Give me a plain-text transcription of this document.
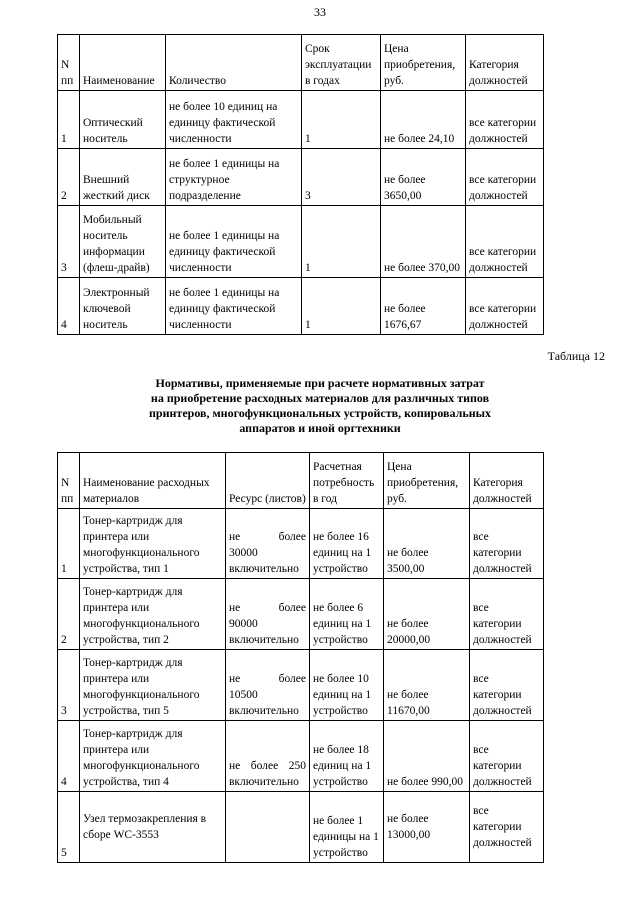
33
N пп	Наименование	Количество	Срок эксплуатации в годах	Цена приобретения, руб.	Категория должностей
1	Оптический носитель	не более 10 единиц на единицу фактической численности	1	не более 24,10	все категории должностей
2	Внешний жесткий диск	не более 1 единицы на структурное подразделение	3	не более 3650,00	все категории должностей
3	Мобильный носитель информации (флеш-драйв)	не более 1 единицы на единицу фактической численности	1	не более 370,00	все категории должностей
4	Электронный ключевой носитель	не более 1 единицы на единицу фактической численности	1	не более 1676,67	все категории должностей
Таблица 12
Нормативы, применяемые при расчете нормативных затрат
на приобретение расходных материалов для различных типов
принтеров, многофункциональных устройств, копировальных
аппаратов и иной оргтехники
N пп	Наименование расходных материалов	Ресурс (листов)	Расчетная потребность в год	Цена приобретения, руб.	Категория должностей
1	Тонер-картридж для принтера или многофункционального устройства, тип 1	не более
30000
включительно	не более 16 единиц на 1 устройство	не более 3500,00	все категории должностей
2	Тонер-картридж для принтера или многофункционального устройства, тип 2	не более
90000
включительно	не более 6 единиц на 1 устройство	не более 20000,00	все категории должностей
3	Тонер-картридж для принтера или многофункционального устройства, тип 5	не более
10500
включительно	не более 10 единиц на 1 устройство	не более 11670,00	все категории должностей
4	Тонер-картридж для принтера или многофункционального устройства, тип 4	не более 250
включительно	не более 18 единиц на 1 устройство	не более 990,00	все категории должностей
5	Узел термозакрепления в сборе WC-3553		не более 1 единицы на 1 устройство	не более 13000,00	все категории должностей
